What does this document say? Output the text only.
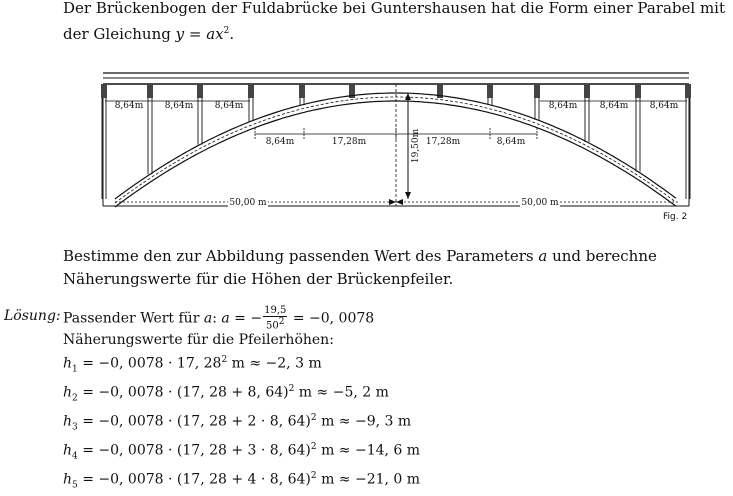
Der Brückenbogen der Fuldabrücke bei Guntershausen hat die Form einer Parabel mit der Gleichung $y = ax^2$.
19,50m
8,64m	17,28m	17,28m	8,64m
50,00 m	50,00 m
8,64m 8,64m 8,64m	8,64m 8,64m 8,64m
Fig. 2
Bestimme den zur Abbildung passenden Wert des Parameters a und berechne Näherungswerte für die Höhen der Brückenpfeiler.
Lösung: Passender Wert für a: a = − $\frac{19,5}{50^2} = -0$, 0078
Näherungswerte für die Pfeilerhöhen:
$h_1 = -0$, 0078 · 17, $28^2$ m ≈ −2, 3 m
$h_2 = -0$, 0078 · (17, 28 + 8, 64)$^2$ m ≈ −5, 2 m
$h_3 = -0$, 0078 · (17, 28 + 2 · 8, 64)$^2$ m ≈ −9, 3 m
$h_4 = -0$, 0078 · (17, 28 + 3 · 8, 64)$^2$ m ≈ −14, 6 m
$h_5 = -0$, 0078 · (17, 28 + 4 · 8, 64)$^2$ m ≈ −21, 0 m
